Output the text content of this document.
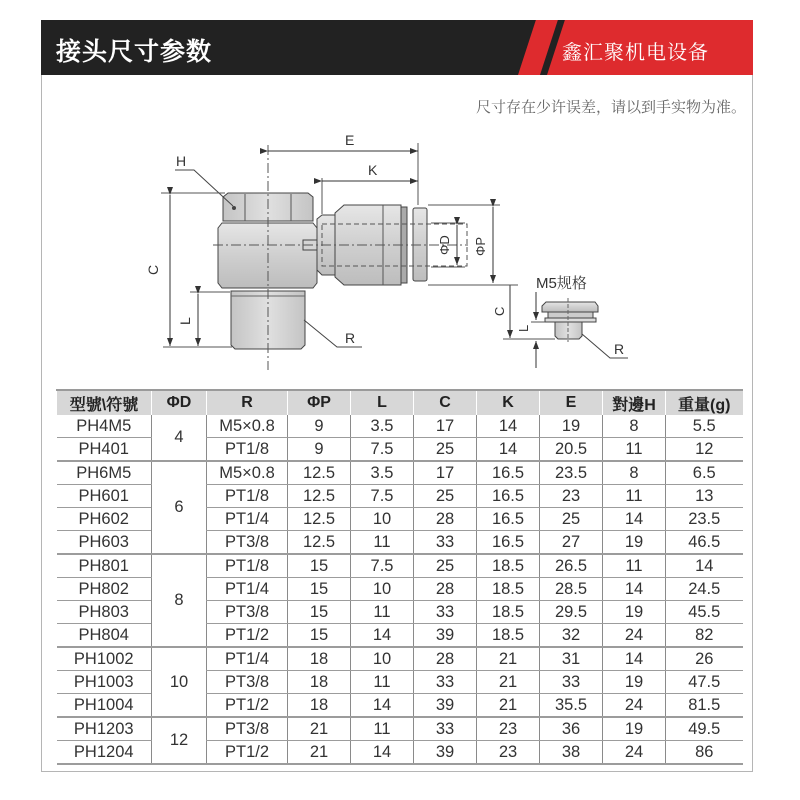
接头尺寸参数	鑫汇聚机电设备
尺寸存在少许误差，请以到手实物为准。
E
K
H
C
L
R
ΦD ΦP
M5规格
C
L
R
型號\符號	ΦD	R	ΦP	L	C	K	E	對邊H	重量(g)
PH4M5	4	M5×0.8	9	3.5	17	14	19	8	5.5
PH401		PT1/8	9	7.5	25	14	20.5	11	12
PH6M5	6	M5×0.8	12.5	3.5	17	16.5	23.5	8	6.5
PH601		PT1/8	12.5	7.5	25	16.5	23	11	13
PH602		PT1/4	12.5	10	28	16.5	25	14	23.5
PH603		PT3/8	12.5	11	33	16.5	27	19	46.5
PH801	8	PT1/8	15	7.5	25	18.5	26.5	11	14
PH802		PT1/4	15	10	28	18.5	28.5	14	24.5
PH803		PT3/8	15	11	33	18.5	29.5	19	45.5
PH804		PT1/2	15	14	39	18.5	32	24	82
PH1002	10	PT1/4	18	10	28	21	31	14	26
PH1003		PT3/8	18	11	33	21	33	19	47.5
PH1004		PT1/2	18	14	39	21	35.5	24	81.5
PH1203	12	PT3/8	21	11	33	23	36	19	49.5
PH1204		PT1/2	21	14	39	23	38	24	86
